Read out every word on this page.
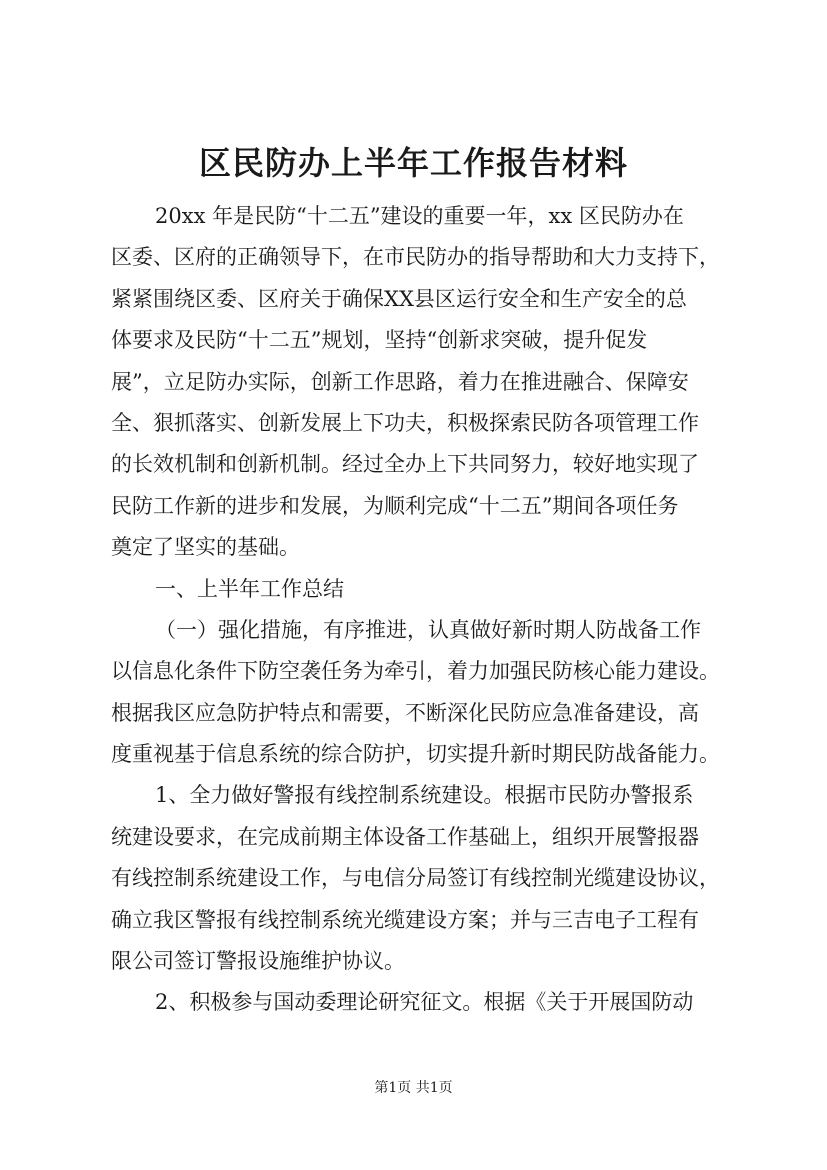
区民防办上半年工作报告材料
20xx 年是民防“十二五”建设的重要一年，xx 区民防办在
区委、区府的正确领导下，在市民防办的指导帮助和大力支持下，
紧紧围绕区委、区府关于确保XX县区运行安全和生产安全的总
体要求及民防“十二五”规划，坚持“创新求突破，提升促发
展”，立足防办实际，创新工作思路，着力在推进融合、保障安
全、狠抓落实、创新发展上下功夫，积极探索民防各项管理工作
的长效机制和创新机制。经过全办上下共同努力，较好地实现了
民防工作新的进步和发展，为顺利完成“十二五”期间各项任务
奠定了坚实的基础。
一、上半年工作总结
（一）强化措施，有序推进，认真做好新时期人防战备工作
以信息化条件下防空袭任务为牵引，着力加强民防核心能力建设。
根据我区应急防护特点和需要，不断深化民防应急准备建设，高
度重视基于信息系统的综合防护，切实提升新时期民防战备能力。
1、全力做好警报有线控制系统建设。根据市民防办警报系
统建设要求，在完成前期主体设备工作基础上，组织开展警报器
有线控制系统建设工作，与电信分局签订有线控制光缆建设协议，
确立我区警报有线控制系统光缆建设方案；并与三吉电子工程有
限公司签订警报设施维护协议。
2、积极参与国动委理论研究征文。根据《关于开展国防动
第1页 共1页
